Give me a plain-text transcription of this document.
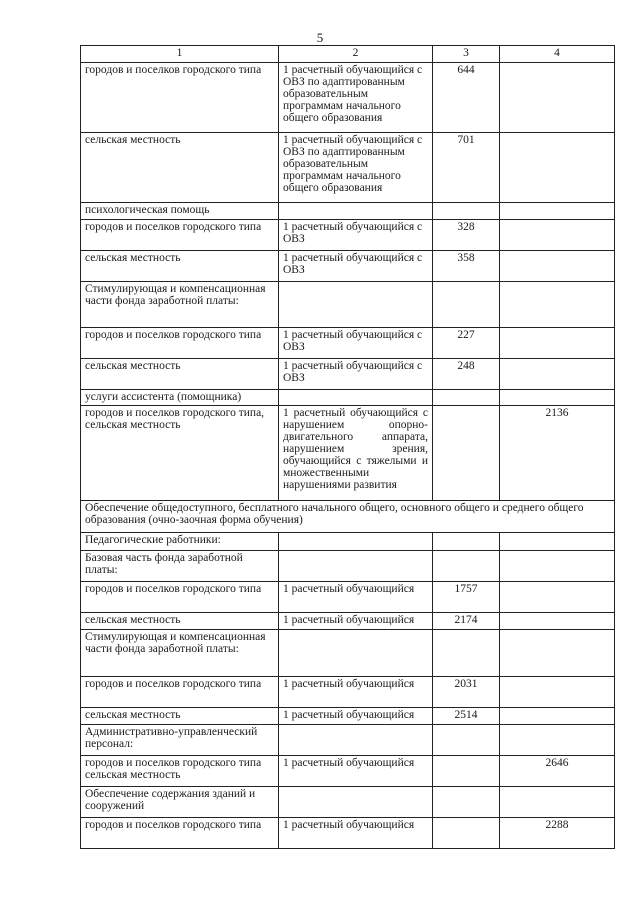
5
1	2	3	4
городов и поселков городского типа	1 расчетный обучающийся с ОВЗ по адаптированным образовательным программам начального общего образования	644	
сельская местность	1 расчетный обучающийся с ОВЗ по адаптированным образовательным программам начального общего образования	701	
психологическая помощь			
городов и поселков городского типа	1 расчетный обучающийся с ОВЗ	328	
сельская местность	1 расчетный обучающийся с ОВЗ	358	
Стимулирующая и компенсационная части фонда заработной платы:			
городов и поселков городского типа	1 расчетный обучающийся с ОВЗ	227	
сельская местность	1 расчетный обучающийся с ОВЗ	248	
услуги ассистента (помощника)			
городов и поселков городского типа, сельская местность	1 расчетный обучающийся с нарушением опорно-двигательного аппарата, нарушением зрения, обучающийся с тяжелыми и множественными нарушениями развития		2136
Обеспечение общедоступного, бесплатного начального общего, основного общего и среднего общего образования (очно-заочная форма обучения)			
Педагогические работники:			
Базовая часть фонда заработной платы:			
городов и поселков городского типа	1 расчетный обучающийся	1757	
сельская местность	1 расчетный обучающийся	2174	
Стимулирующая и компенсационная части фонда заработной платы:			
городов и поселков городского типа	1 расчетный обучающийся	2031	
сельская местность	1 расчетный обучающийся	2514	
Административно-управленческий персонал:			
городов и поселков городского типа сельская местность	1 расчетный обучающийся		2646
Обеспечение содержания зданий и сооружений			
городов и поселков городского типа	1 расчетный обучающийся		2288
